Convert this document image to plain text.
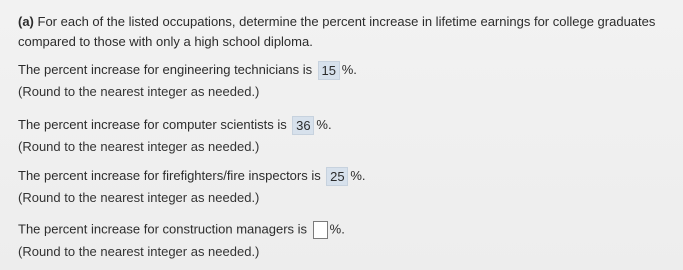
(a) For each of the listed occupations, determine the percent increase in lifetime earnings for college graduates compared to those with only a high school diploma.
The percent increase for engineering technicians is 15 %.
(Round to the nearest integer as needed.)
The percent increase for computer scientists is 36 %.
(Round to the nearest integer as needed.)
The percent increase for firefighters/fire inspectors is 25 %.
(Round to the nearest integer as needed.)
The percent increase for construction managers is %.
(Round to the nearest integer as needed.)
